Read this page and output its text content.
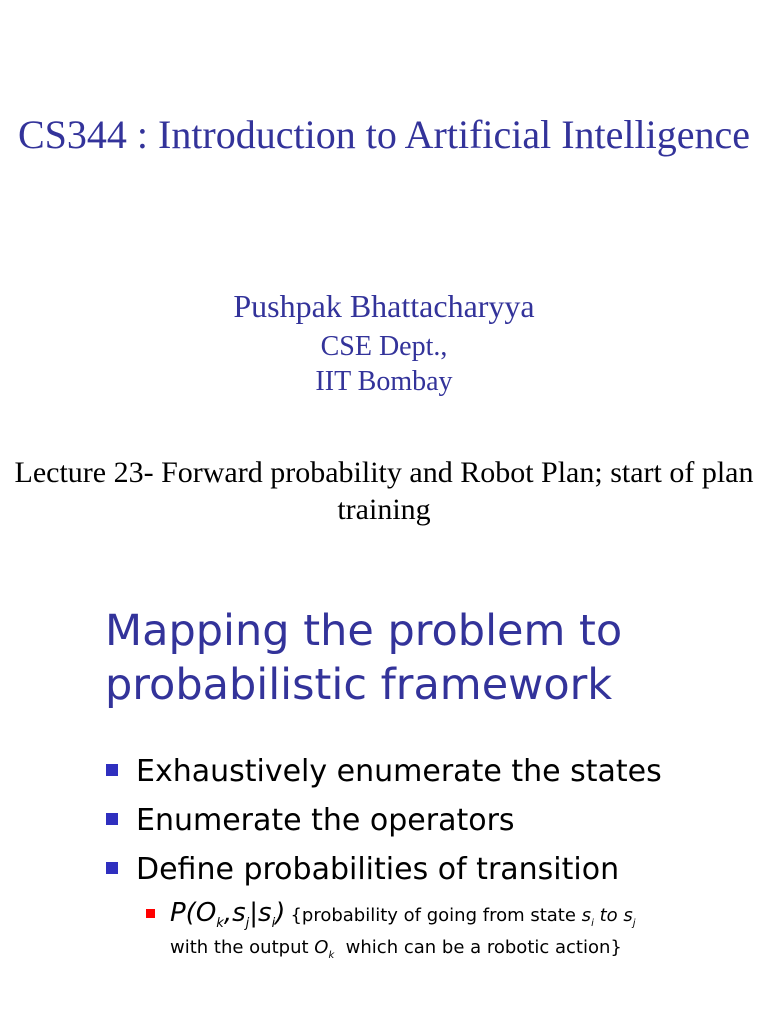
CS344 : Introduction to Artificial Intelligence

Pushpak Bhattacharyya

CSE Dept.,

IIT Bombay

Lecture 23- Forward probability and Robot Plan; start of plan training

Mapping the problem to probabilistic framework
Exhaustively enumerate the states
Enumerate the operators
Define probabilities of transition
$P(O_k,s_j|s_i)$ {probability of going from state $s_i$ to $s_j$
with the output $O_k$  which can be a robotic action}
